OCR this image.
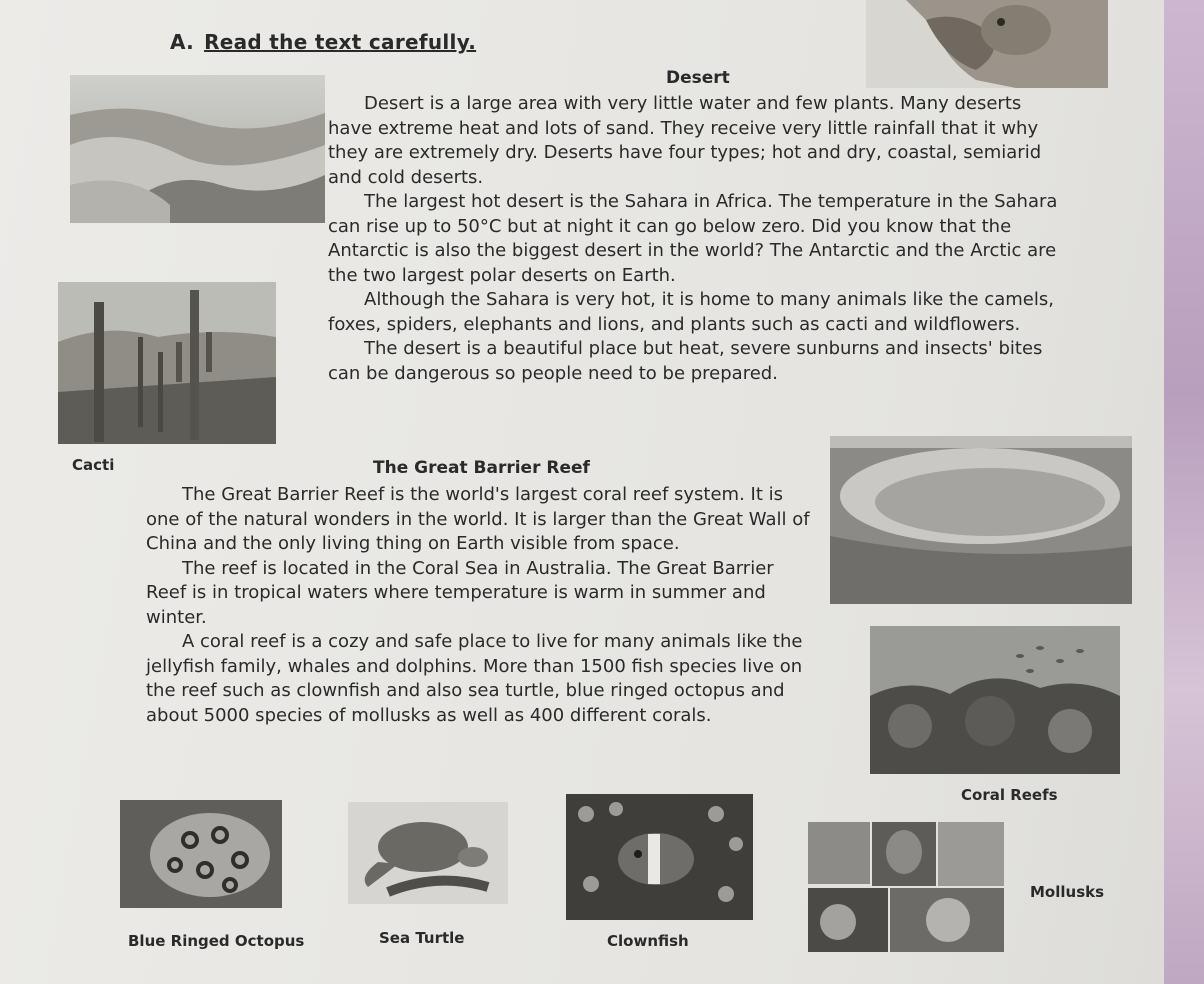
A. Read the text carefully.
Desert

Desert is a large area with very little water and few plants. Many deserts have extreme heat and lots of sand. They receive very little rainfall that it why they are extremely dry. Deserts have four types; hot and dry, coastal, semiarid and cold deserts.

The largest hot desert is the Sahara in Africa. The temperature in the Sahara can rise up to 50°C but at night it can go below zero. Did you know that the Antarctic is also the biggest desert in the world? The Antarctic and the Arctic are the two largest polar deserts on Earth.

Although the Sahara is very hot, it is home to many animals like the camels, foxes, spiders, elephants and lions, and plants such as cacti and wildflowers.

The desert is a beautiful place but heat, severe sunburns and insects' bites can be dangerous so people need to be prepared.

Cacti	The Great Barrier Reef

The Great Barrier Reef is the world's largest coral reef system. It is one of the natural wonders in the world. It is larger than the Great Wall of China and the only living thing on Earth visible from space.

The reef is located in the Coral Sea in Australia. The Great Barrier Reef is in tropical waters where temperature is warm in summer and winter.

A coral reef is a cozy and safe place to live for many animals like the jellyfish family, whales and dolphins. More than 1500 fish species live on the reef such as clownfish and also sea turtle, blue ringed octopus and about 5000 species of mollusks as well as 400 different corals.

Coral Reefs
Blue Ringed Octopus	Sea Turtle	Clownfish
Mollusks
